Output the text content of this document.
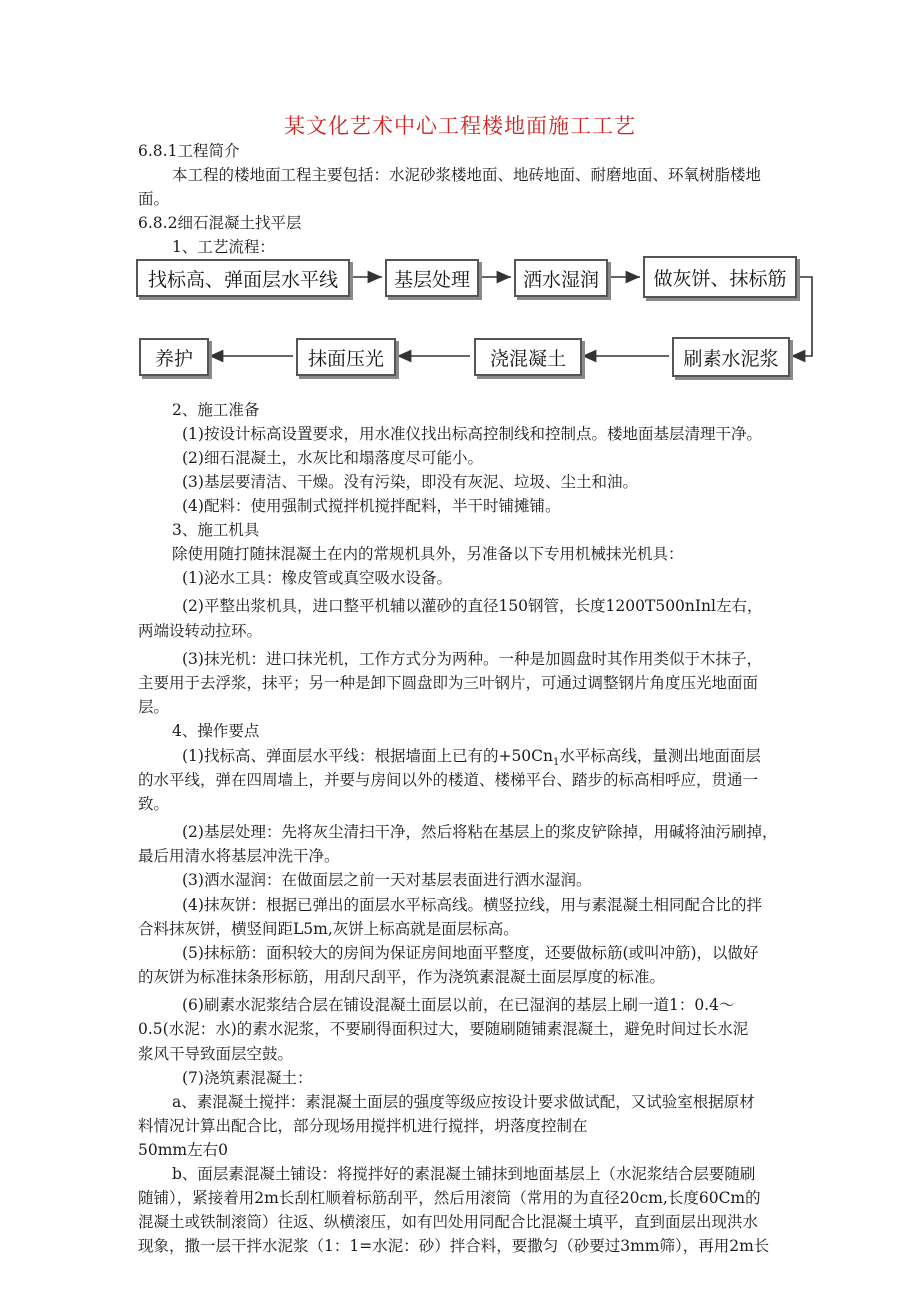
某文化艺术中心工程楼地面施工工艺
6.8.1工程简介
本工程的楼地面工程主要包括：水泥砂浆楼地面、地砖地面、耐磨地面、环氧树脂楼地
面。
6.8.2细石混凝土找平层
1、工艺流程：
找标高、弹面层水平线	基层处理	洒水湿润	做灰饼、抹标筋
养护	抹面压光	浇混凝土	刷素水泥浆
2、施工准备
(1)按设计标高设置要求，用水准仪找出标高控制线和控制点。楼地面基层清理干净。
(2)细石混凝土，水灰比和塌落度尽可能小。
(3)基层要清洁、干燥。没有污染，即没有灰泥、垃圾、尘土和油。
(4)配料：使用强制式搅拌机搅拌配料，半干时铺摊铺。
3、施工机具
除使用随打随抹混凝土在内的常规机具外，另准备以下专用机械抹光机具：
(1)泌水工具：橡皮管或真空吸水设备。
(2)平整出浆机具，进口整平机辅以灌砂的直径150钢管，长度1200T500nInl左右，
两端设转动拉环。
(3)抹光机：进口抹光机，工作方式分为两种。一种是加圆盘时其作用类似于木抹子，
主要用于去浮浆，抹平；另一种是卸下圆盘即为三叶钢片，可通过调整钢片角度压光地面面
层。
4、操作要点
(1)找标高、弹面层水平线：根据墙面上已有的$+50Cn_1$水平标高线，量测出地面面层
的水平线，弹在四周墙上，并要与房间以外的楼道、楼梯平台、踏步的标高相呼应，贯通一
致。
(2)基层处理：先将灰尘清扫干净，然后将粘在基层上的浆皮铲除掉，用碱将油污刷掉，
最后用清水将基层冲洗干净。
(3)洒水湿润：在做面层之前一天对基层表面进行洒水湿润。
(4)抹灰饼：根据已弹出的面层水平标高线。横竖拉线，用与素混凝土相同配合比的拌
合料抹灰饼，横竖间距L5m,灰饼上标高就是面层标高。
(5)抹标筋：面积较大的房间为保证房间地面平整度，还要做标筋(或叫冲筋)，以做好
的灰饼为标准抹条形标筋，用刮尺刮平，作为浇筑素混凝土面层厚度的标准。
(6)刷素水泥浆结合层在铺设混凝土面层以前，在已湿润的基层上刷一道1：0.4～
0.5(水泥：水)的素水泥浆，不要刷得面积过大，要随刷随铺素混凝土，避免时间过长水泥
浆风干导致面层空鼓。
(7)浇筑素混凝土：
a、素混凝土搅拌：素混凝土面层的强度等级应按设计要求做试配，又试验室根据原材
料情况计算出配合比，部分现场用搅拌机进行搅拌，坍落度控制在
50mm左右0
b、面层素混凝土铺设：将搅拌好的素混凝土铺抹到地面基层上（水泥浆结合层要随刷
随铺），紧接着用2m长刮杠顺着标筋刮平，然后用滚筒（常用的为直径20cm,长度60Cm的
混凝土或铁制滚筒）往返、纵横滚压，如有凹处用同配合比混凝土填平，直到面层出现洪水
现象，撒一层干拌水泥浆（1：1=水泥：砂）拌合料，要撒匀（砂要过3mm筛），再用2m长
